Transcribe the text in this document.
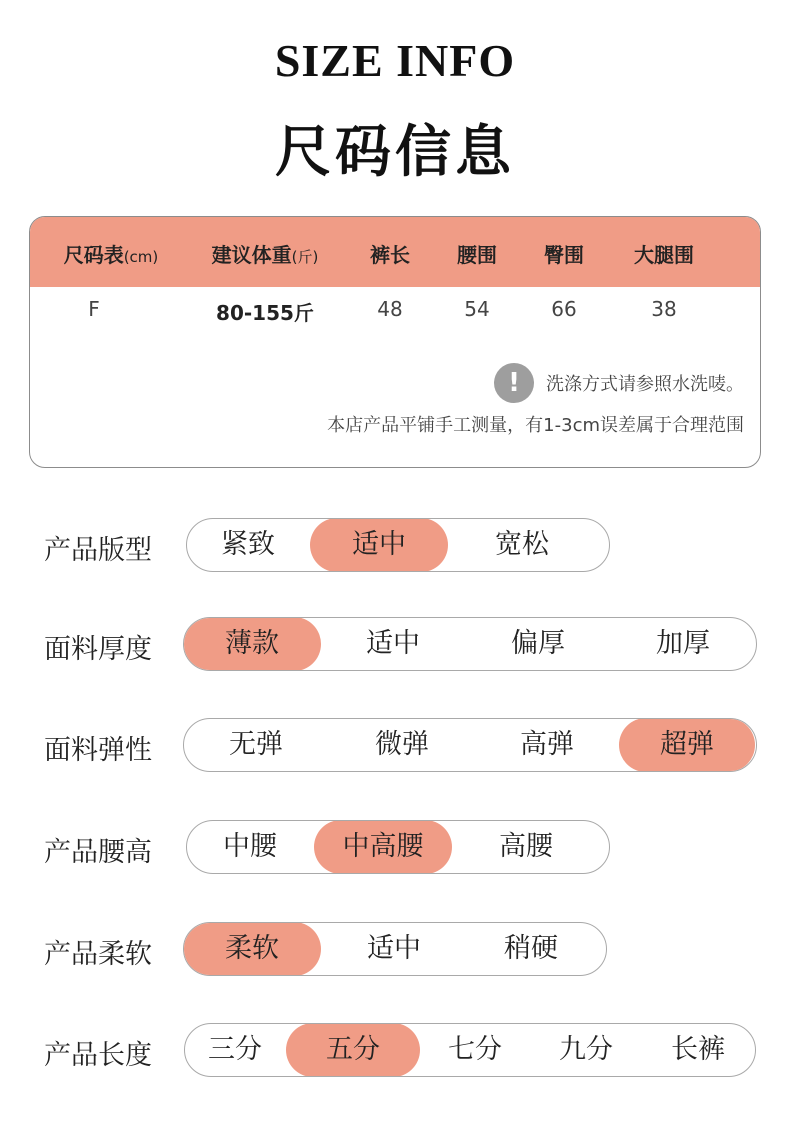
SIZE INFO
尺码信息
尺码表(cm)	建议体重(斤)	裤长	腰围	臀围	大腿围
F	80-155斤	48	54	66	38
!	洗涤方式请参照水洗唛。
本店产品平铺手工测量，有1-3cm误差属于合理范围
产品版型	紧致	适中	宽松
面料厚度	薄款	适中	偏厚	加厚
面料弹性	无弹	微弹	高弹	超弹
产品腰高	中腰	中高腰	高腰
产品柔软	柔软	适中	稍硬
产品长度	三分	五分	七分	九分	长裤
